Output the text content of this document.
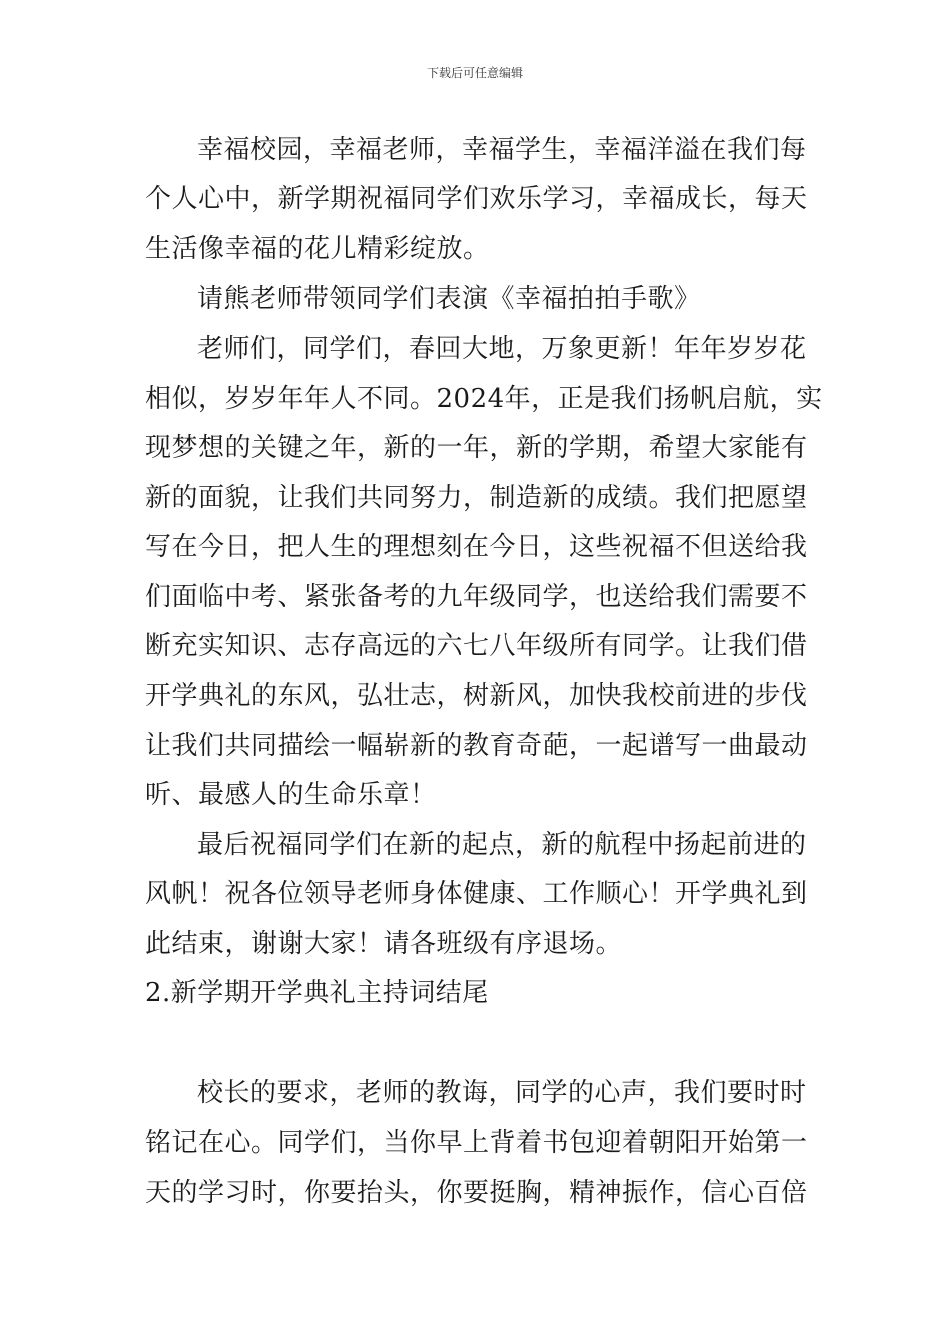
下载后可任意编辑
幸福校园，幸福老师，幸福学生，幸福洋溢在我们每
个人心中，新学期祝福同学们欢乐学习，幸福成长，每天
生活像幸福的花儿精彩绽放。
请熊老师带领同学们表演《幸福拍拍手歌》
老师们，同学们，春回大地，万象更新！年年岁岁花
相似，岁岁年年人不同。2024年，正是我们扬帆启航，实
现梦想的关键之年，新的一年，新的学期，希望大家能有
新的面貌，让我们共同努力，制造新的成绩。我们把愿望
写在今日，把人生的理想刻在今日，这些祝福不但送给我
们面临中考、紧张备考的九年级同学，也送给我们需要不
断充实知识、志存高远的六七八年级所有同学。让我们借
开学典礼的东风，弘壮志，树新风，加快我校前进的步伐
让我们共同描绘一幅崭新的教育奇葩，一起谱写一曲最动
听、最感人的生命乐章！
最后祝福同学们在新的起点，新的航程中扬起前进的
风帆！祝各位领导老师身体健康、工作顺心！开学典礼到
此结束，谢谢大家！请各班级有序退场。
2.新学期开学典礼主持词结尾
校长的要求，老师的教诲，同学的心声，我们要时时
铭记在心。同学们，当你早上背着书包迎着朝阳开始第一
天的学习时，你要抬头，你要挺胸，精神振作，信心百倍
